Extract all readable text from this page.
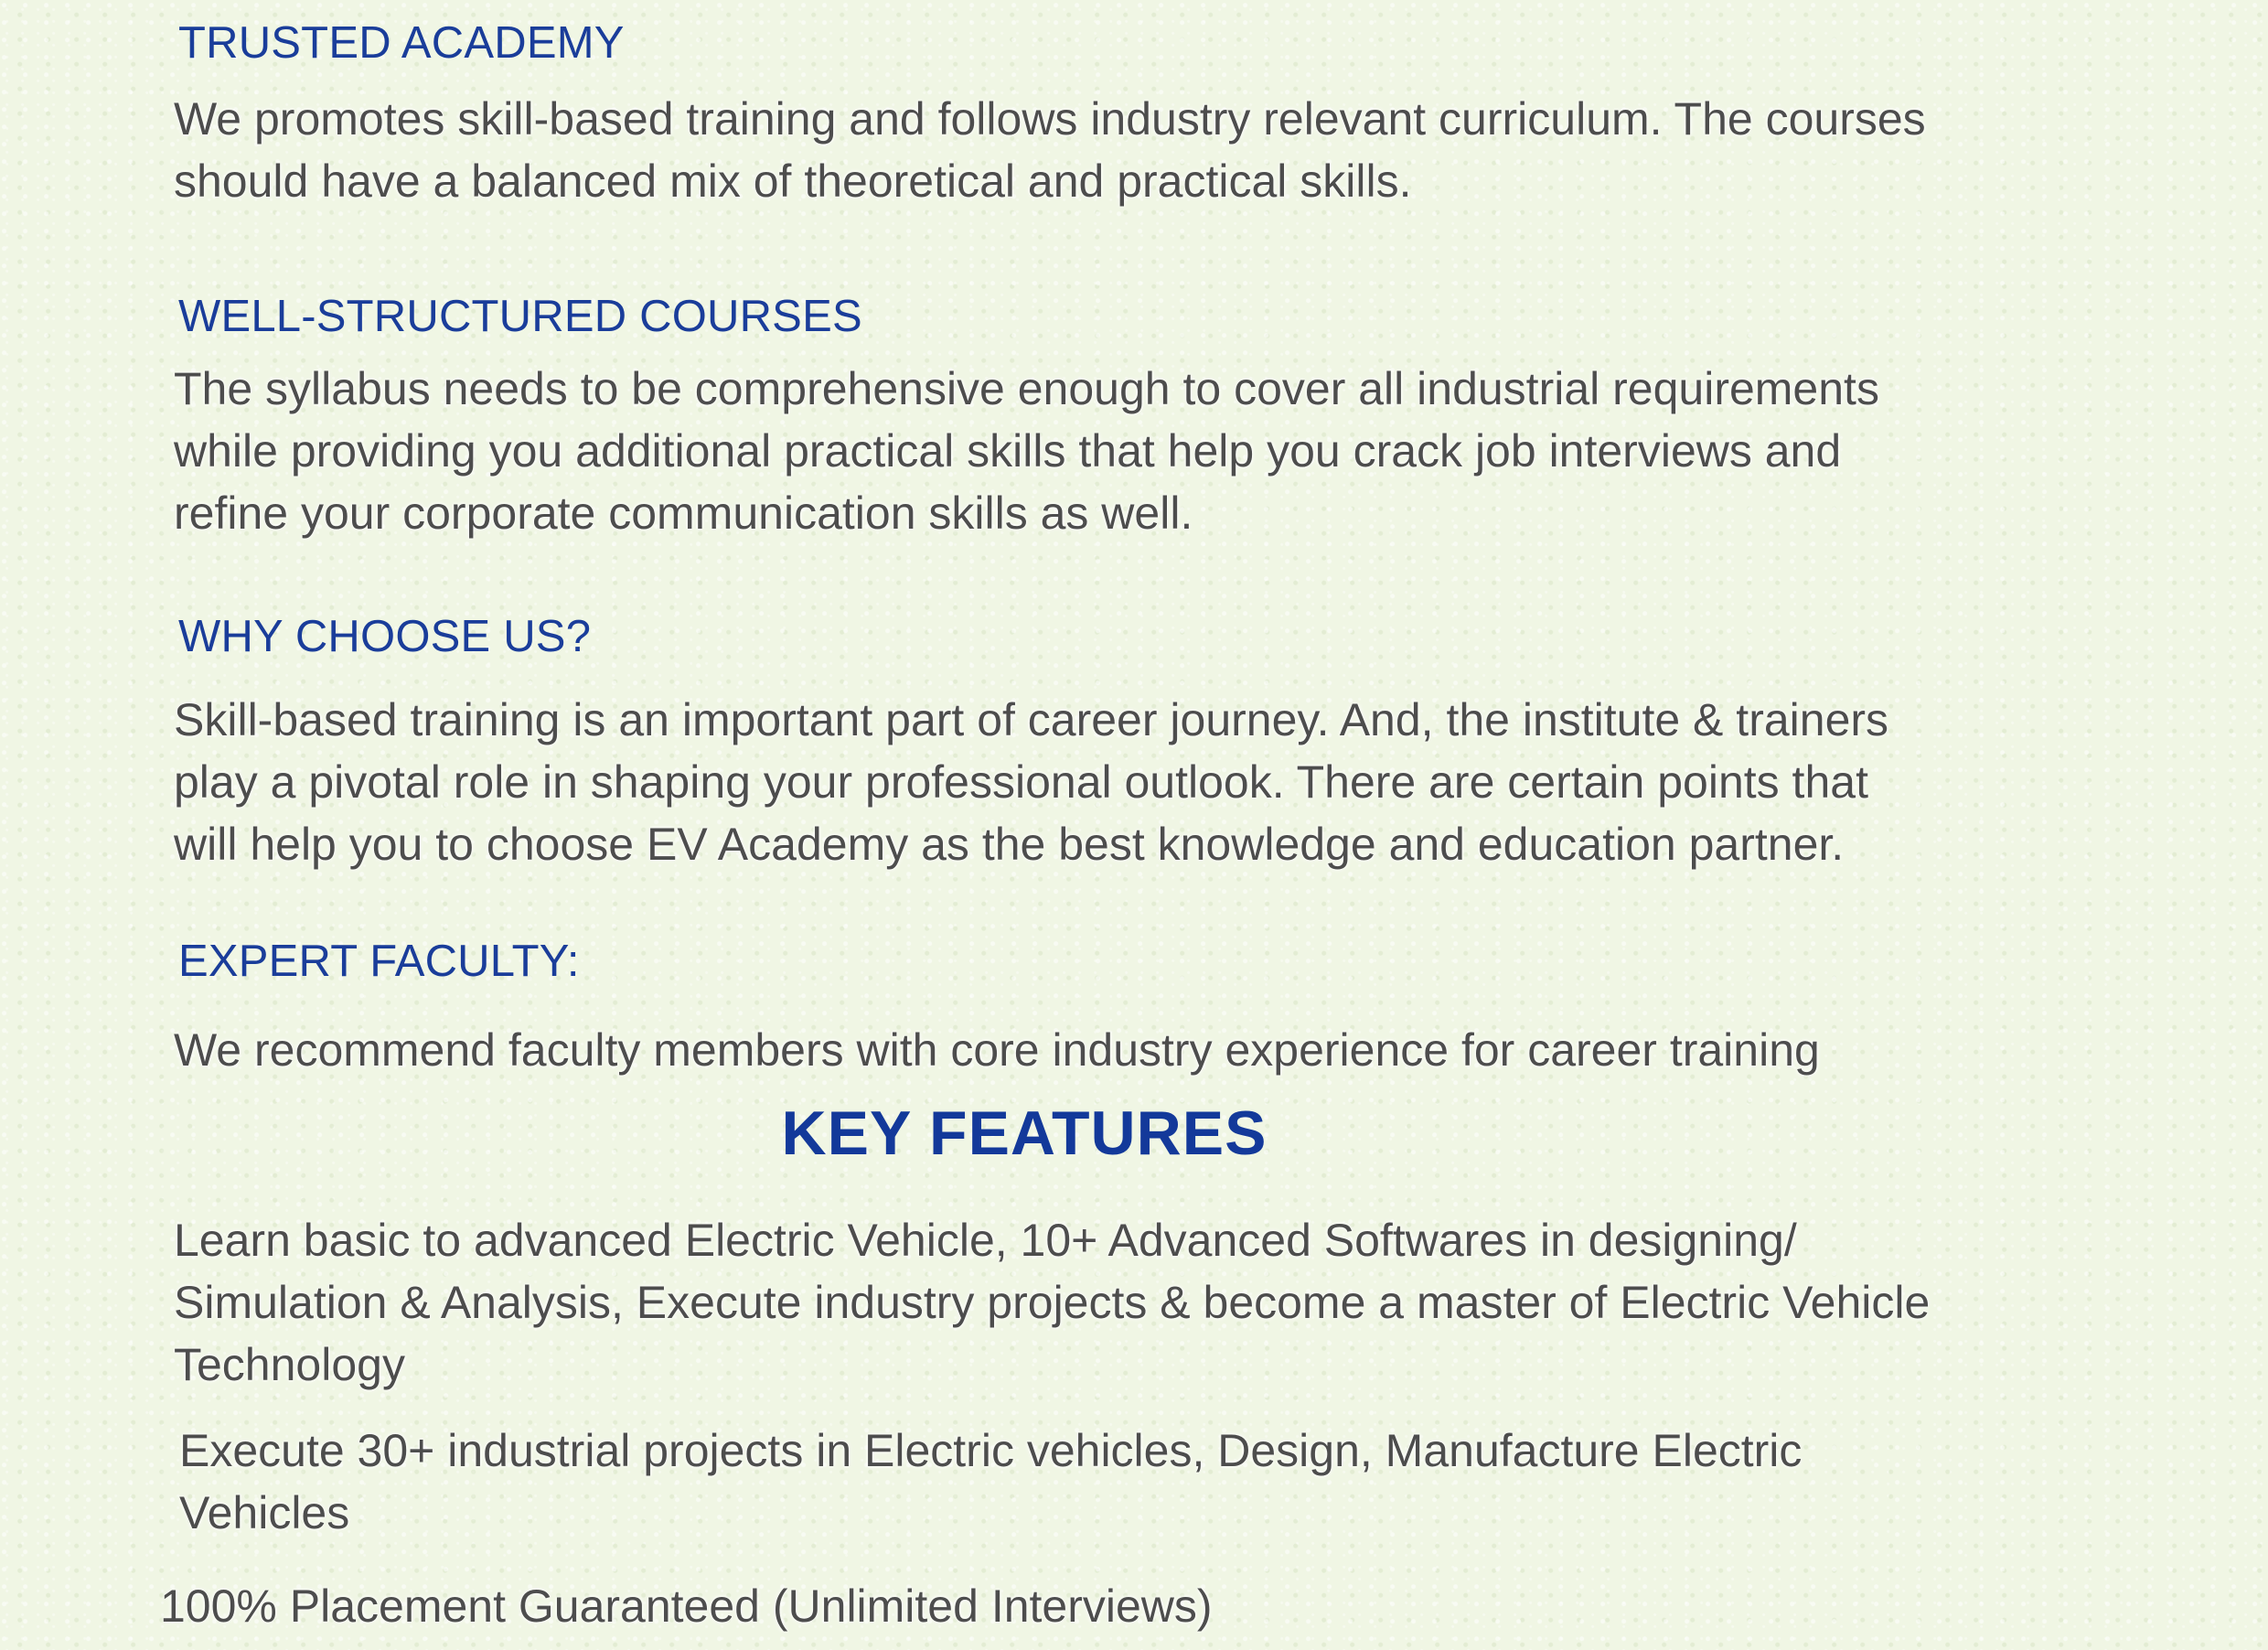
TRUSTED ACADEMY

We promotes skill-based training and follows industry relevant curriculum. The courses

should have a balanced mix of theoretical and practical skills.

WELL-STRUCTURED COURSES

The syllabus needs to be comprehensive enough to cover all industrial requirements

while providing you additional practical skills that help you crack job interviews and

refine your corporate communication skills as well.

WHY CHOOSE US?

Skill-based training is an important part of career journey. And, the institute & trainers

play a pivotal role in shaping your professional outlook. There are certain points that

will help you to choose EV Academy as the best knowledge and education partner.

EXPERT FACULTY:

We recommend faculty members with core industry experience for career training

KEY FEATURES

Learn basic to advanced Electric Vehicle, 10+ Advanced Softwares in designing/

Simulation & Analysis, Execute industry projects & become a master of Electric Vehicle

Technology

Execute 30+ industrial projects in Electric vehicles, Design, Manufacture Electric

Vehicles

100% Placement Guaranteed (Unlimited Interviews)
